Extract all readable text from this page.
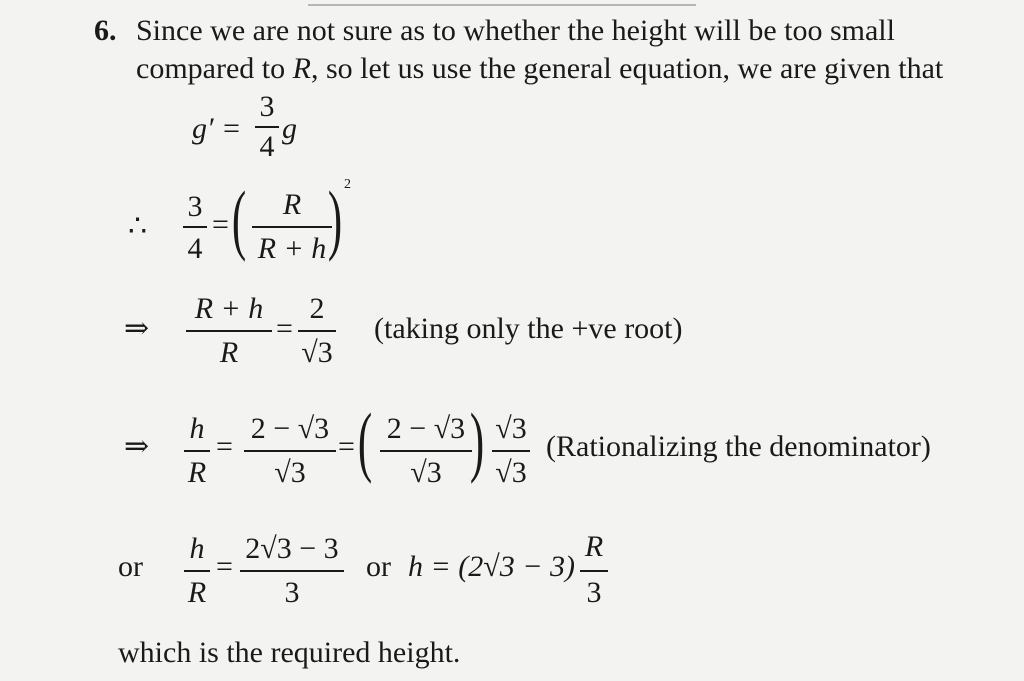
6. Since we are not sure as to whether the height will be too small
compared to R, so let us use the general equation, we are given that
g′ =
3
4
g
∴
3
4
= (	R
R + h ) 2
⇒
R + h
R
=
2
√3
(taking only the +ve root)
⇒
h
R
=
2 − √3
√3
= ( 2 − √3
√3 ) √3
√3
(Rationalizing the denominator)
or
h
R
=
2√3 − 3
3
or h = (2√3 − 3)
R
3
which is the required height.
